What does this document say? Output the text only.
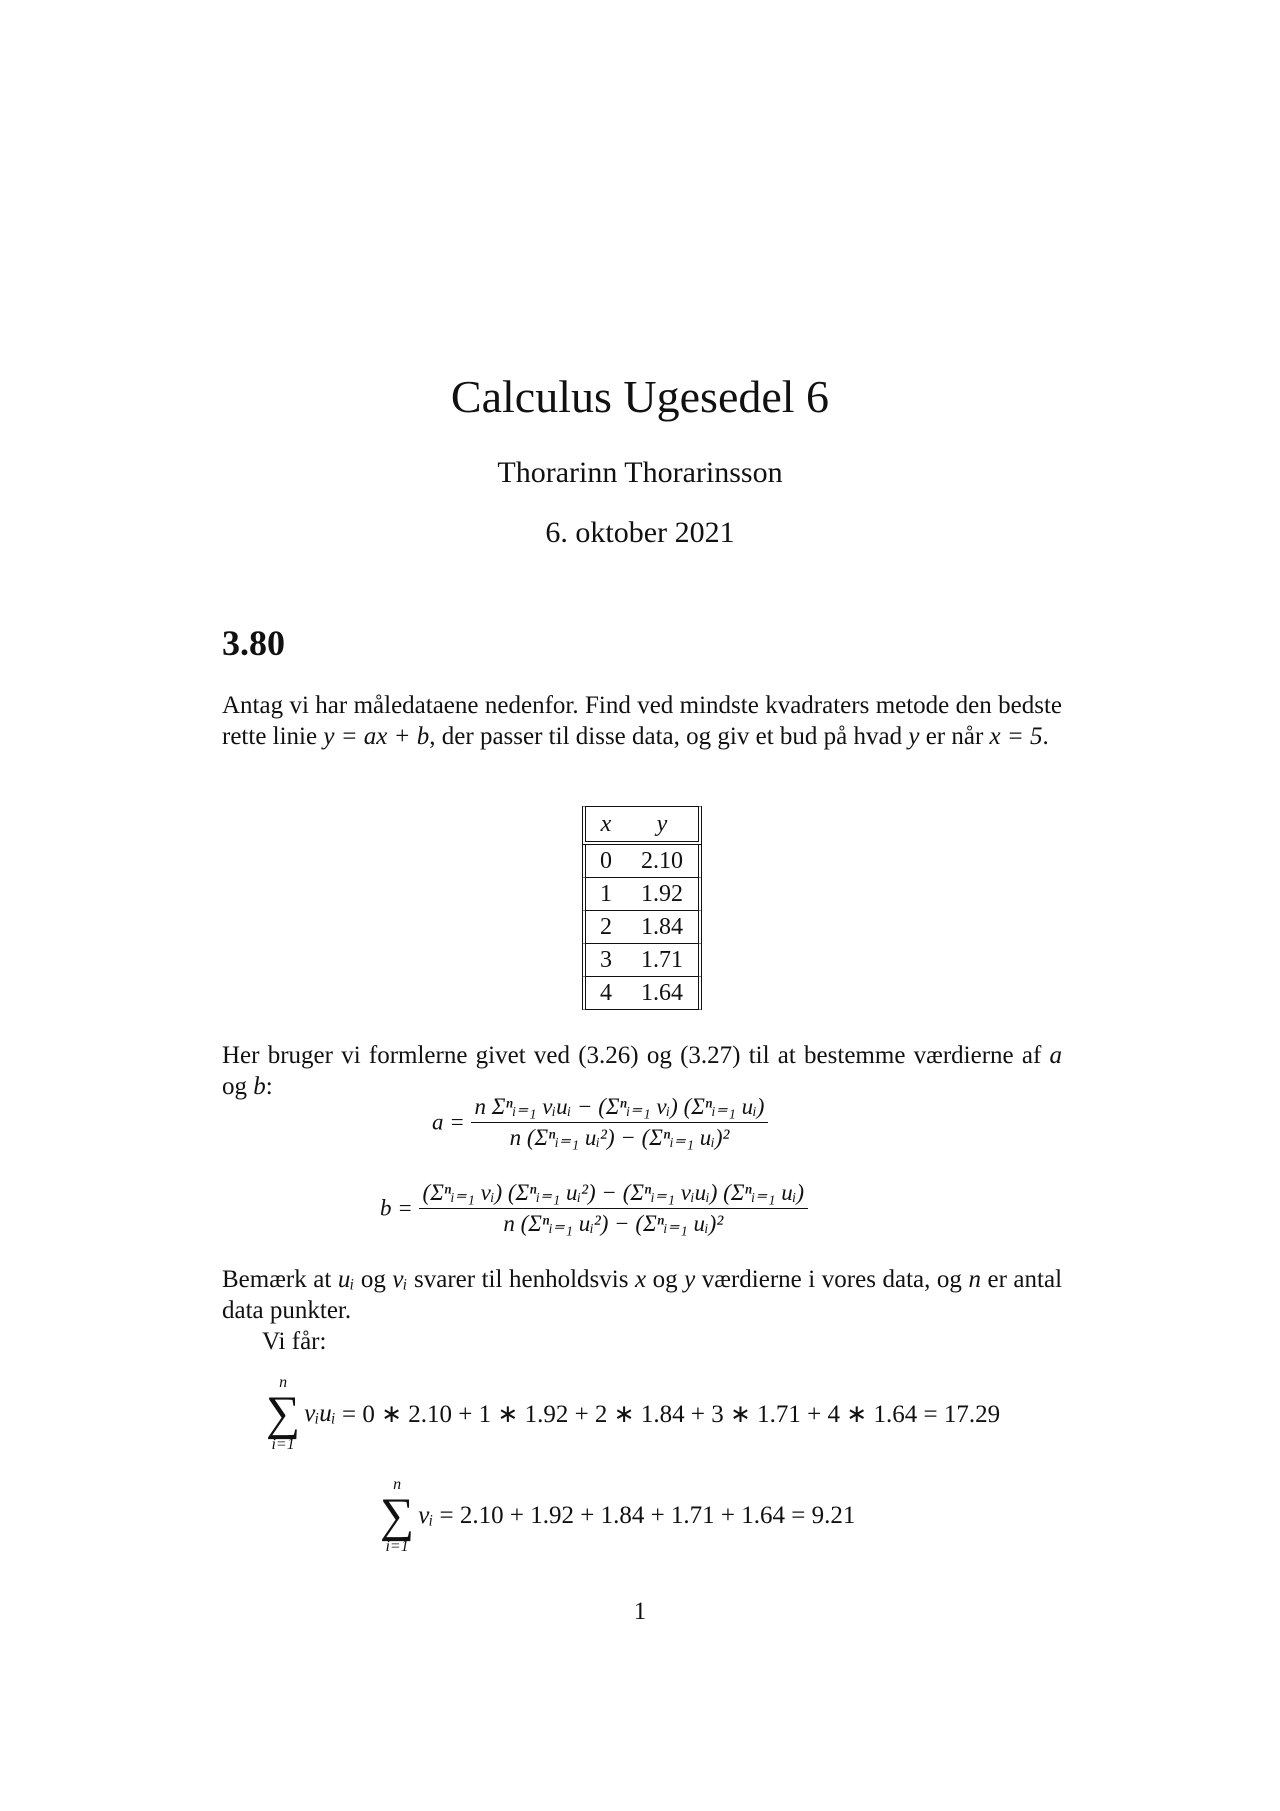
Calculus Ugesedel 6
Thorarinn Thorarinsson
6. oktober 2021
3.80
Antag vi har måledataene nedenfor. Find ved mindste kvadraters metode den bedste rette linie y = ax + b, der passer til disse data, og giv et bud på hvad y er når x = 5.
x	y
0	2.10
1	1.92
2	1.84
3	1.71
4	1.64
Her bruger vi formlerne givet ved (3.26) og (3.27) til at bestemme værdierne af a og b:
$a = \frac{\text{n Σⁿᵢ₌₁ vᵢuᵢ − (Σⁿᵢ₌₁ vᵢ) (Σⁿᵢ₌₁ uᵢ)}}{\text{n (Σⁿᵢ₌₁ uᵢ²) − (Σⁿᵢ₌₁ uᵢ)²}}$
$b = \frac{\text{(Σⁿᵢ₌₁ vᵢ) (Σⁿᵢ₌₁ uᵢ²) − (Σⁿᵢ₌₁ vᵢuᵢ) (Σⁿᵢ₌₁ uᵢ)}}{\text{n (Σⁿᵢ₌₁ uᵢ²) − (Σⁿᵢ₌₁ uᵢ)²}}$
Bemærk at uᵢ og vᵢ svarer til henholdsvis x og y værdierne i vores data, og n er antal data punkter.
Vi får:
n
∑
i=1
vᵢuᵢ
= 0 ∗ 2.10 + 1 ∗ 1.92 + 2 ∗ 1.84 + 3 ∗ 1.71 + 4 ∗ 1.64 = 17.29
n
∑
i=1
vᵢ
= 2.10 + 1.92 + 1.84 + 1.71 + 1.64 = 9.21
1
